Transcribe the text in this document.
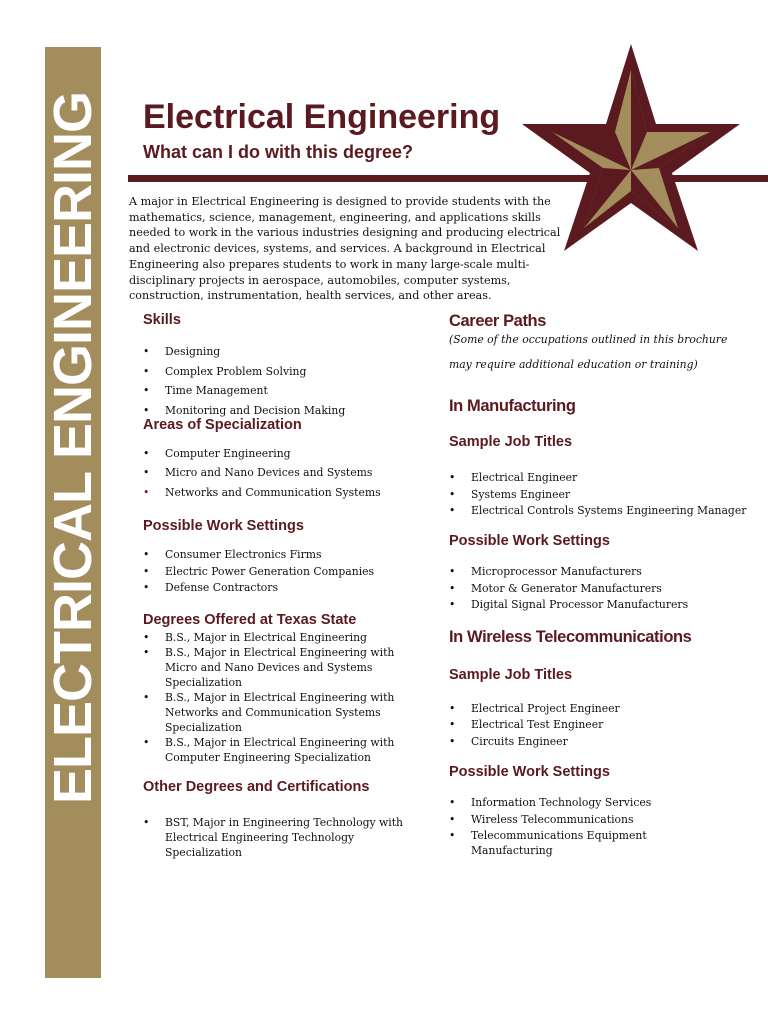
ELECTRICAL ENGINEERING Electrical Engineering
What can I do with this degree?

A major in Electrical Engineering is designed to provide students with the mathematics, science, management, engineering, and applications skills needed to work in the various industries designing and producing electrical and electronic devices, systems, and services. A background in Electrical Engineering also prepares students to work in many large-scale multi-disciplinary projects in aerospace, automobiles, computer systems, construction, instrumentation, health services, and other areas.

Skills
• Designing
• Complex Problem Solving
• Time Management
• Monitoring and Decision Making
Areas of Specialization
• Computer Engineering
• Micro and Nano Devices and Systems
• Networks and Communication Systems
Possible Work Settings
• Consumer Electronics Firms
• Electric Power Generation Companies
• Defense Contractors
Degrees Offered at Texas State
• B.S., Major in Electrical Engineering
• B.S., Major in Electrical Engineering with Micro and Nano Devices and Systems Specialization
• B.S., Major in Electrical Engineering with Networks and Communication Systems Specialization
• B.S., Major in Electrical Engineering with Computer Engineering Specialization
Other Degrees and Certifications
• BST, Major in Engineering Technology with Electrical Engineering Technology Specialization
Career Paths

(Some of the occupations outlined in this brochure

may require additional education or training)

In Manufacturing
Sample Job Titles
• Electrical Engineer
• Systems Engineer
• Electrical Controls Systems Engineering Manager
Possible Work Settings
• Microprocessor Manufacturers
• Motor & Generator Manufacturers
• Digital Signal Processor Manufacturers
In Wireless Telecommunications
Sample Job Titles
• Electrical Project Engineer
• Electrical Test Engineer
• Circuits Engineer
Possible Work Settings
• Information Technology Services
• Wireless Telecommunications
• Telecommunications Equipment Manufacturing
